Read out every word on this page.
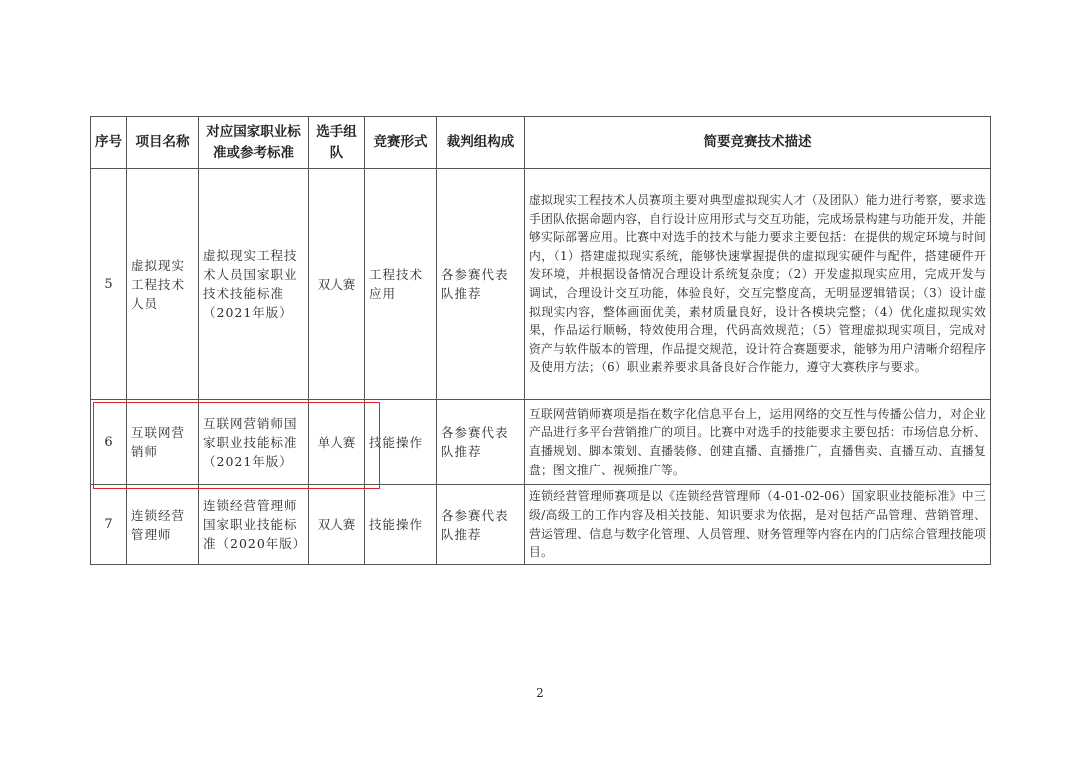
序号	项目名称	对应国家职业标准或参考标准	选手组队	竞赛形式	裁判组构成	简要竞赛技术描述
5	虚拟现实工程技术人员	虚拟现实工程技术人员国家职业技术技能标准（2021年版）	双人赛	工程技术应用	各参赛代表队推荐	虚拟现实工程技术人员赛项主要对典型虚拟现实人才（及团队）能力进行考察，要求选手团队依据命题内容，自行设计应用形式与交互功能，完成场景构建与功能开发，并能够实际部署应用。比赛中对选手的技术与能力要求主要包括：在提供的规定环境与时间内，（1）搭建虚拟现实系统，能够快速掌握提供的虚拟现实硬件与配件，搭建硬件开发环境，并根据设备情况合理设计系统复杂度；（2）开发虚拟现实应用，完成开发与调试，合理设计交互功能，体验良好，交互完整度高，无明显逻辑错误；（3）设计虚拟现实内容，整体画面优美，素材质量良好，设计各模块完整；（4）优化虚拟现实效果，作品运行顺畅，特效使用合理，代码高效规范；（5）管理虚拟现实项目，完成对资产与软件版本的管理，作品提交规范，设计符合赛题要求，能够为用户清晰介绍程序及使用方法；（6）职业素养要求具备良好合作能力，遵守大赛秩序与要求。
6	互联网营销师	互联网营销师国家职业技能标准（2021年版）	单人赛	技能操作	各参赛代表队推荐	互联网营销师赛项是指在数字化信息平台上，运用网络的交互性与传播公信力，对企业产品进行多平台营销推广的项目。比赛中对选手的技能要求主要包括：市场信息分析、直播规划、脚本策划、直播装修、创建直播、直播推广，直播售卖、直播互动、直播复盘；图文推广、视频推广等。
7	连锁经营管理师	连锁经营管理师国家职业技能标准（2020年版）	双人赛	技能操作	各参赛代表队推荐	连锁经营管理师赛项是以《连锁经营管理师（4-01-02-06）国家职业技能标准》中三级/高级工的工作内容及相关技能、知识要求为依据，是对包括产品管理、营销管理、营运管理、信息与数字化管理、人员管理、财务管理等内容在内的门店综合管理技能项目。
2
